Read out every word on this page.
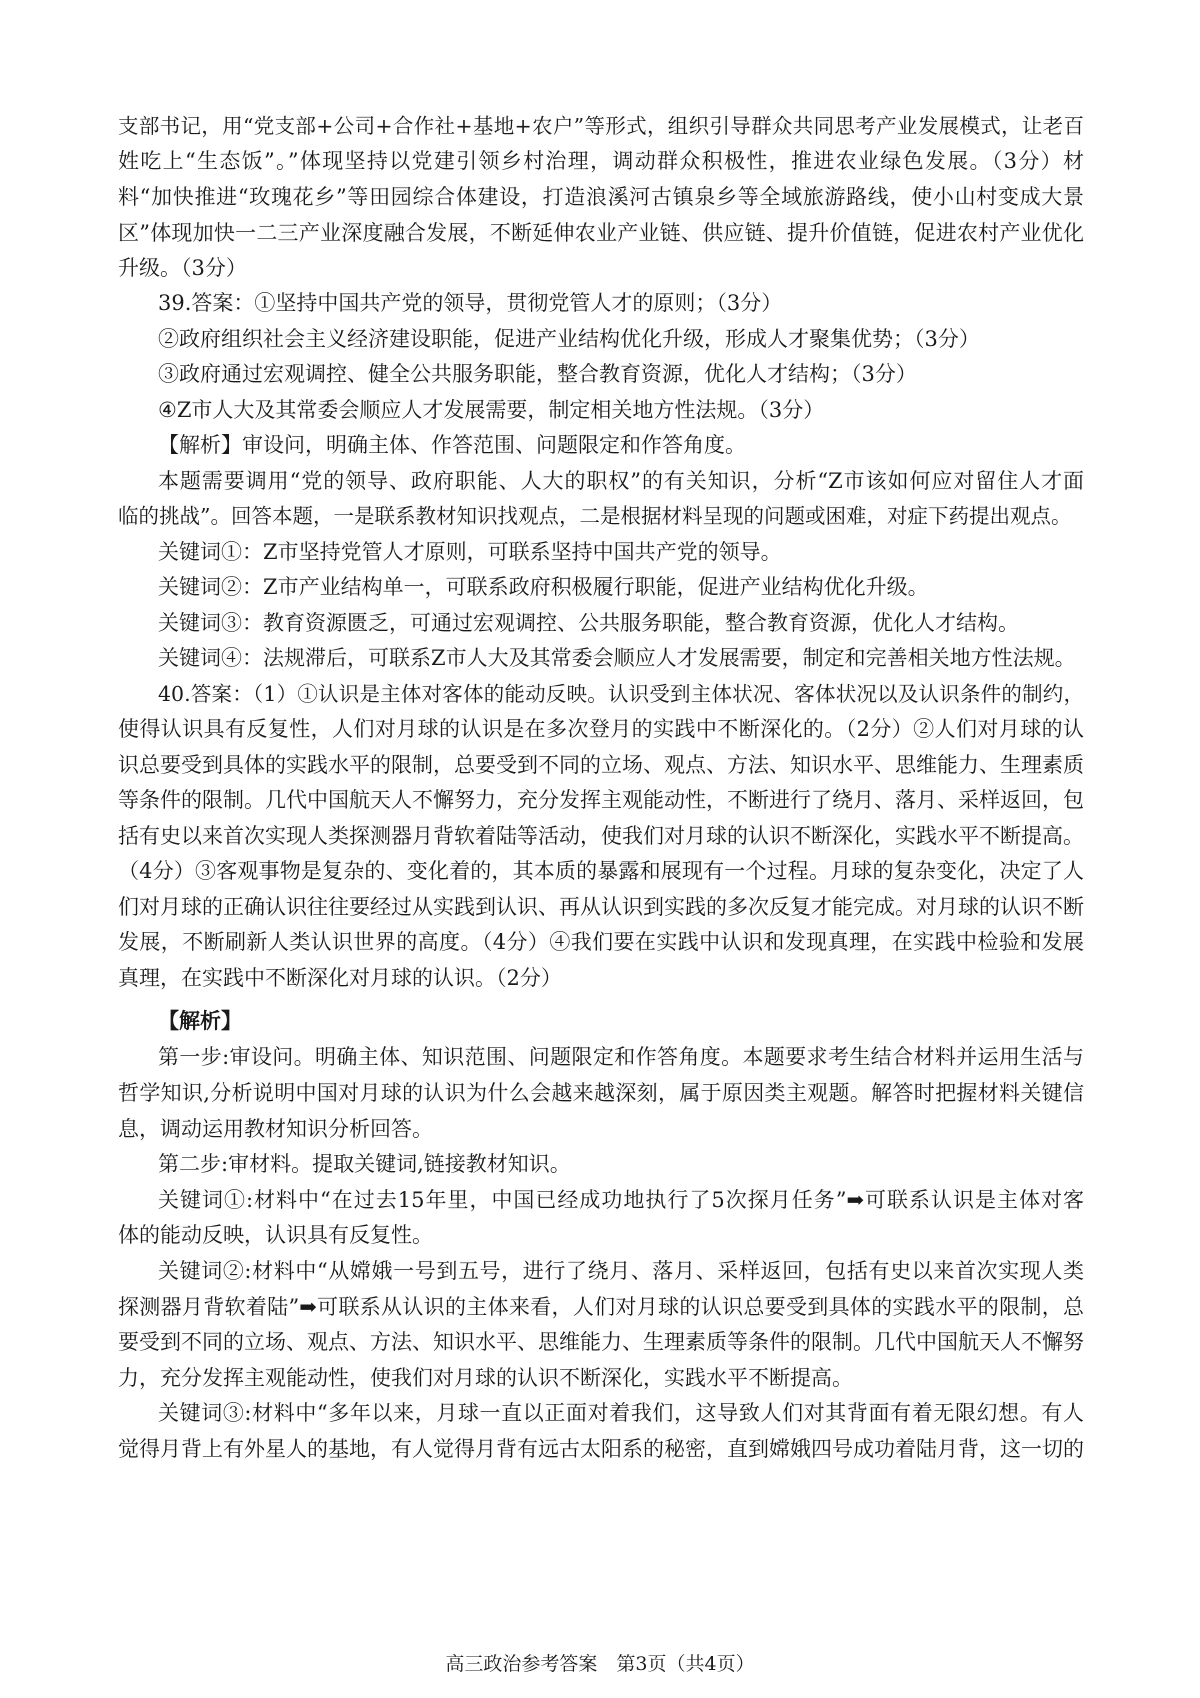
支部书记，用“党支部+公司+合作社+基地+农户”等形式，组织引导群众共同思考产业发展模式，让老百
姓吃上“生态饭”。”体现坚持以党建引领乡村治理，调动群众积极性，推进农业绿色发展。（3分）材
料“加快推进“玫瑰花乡”等田园综合体建设，打造浪溪河古镇泉乡等全域旅游路线，使小山村变成大景
区”体现加快一二三产业深度融合发展，不断延伸农业产业链、供应链、提升价值链，促进农村产业优化
升级。（3分）
39.答案：①坚持中国共产党的领导，贯彻党管人才的原则；（3分）
②政府组织社会主义经济建设职能，促进产业结构优化升级，形成人才聚集优势；（3分）
③政府通过宏观调控、健全公共服务职能，整合教育资源，优化人才结构；（3分）
④Z市人大及其常委会顺应人才发展需要，制定相关地方性法规。（3分）
【解析】审设问，明确主体、作答范围、问题限定和作答角度。
本题需要调用“党的领导、政府职能、人大的职权”的有关知识，分析“Z市该如何应对留住人才面
临的挑战”。回答本题，一是联系教材知识找观点，二是根据材料呈现的问题或困难，对症下药提出观点。
关键词①：Z市坚持党管人才原则，可联系坚持中国共产党的领导。
关键词②：Z市产业结构单一，可联系政府积极履行职能，促进产业结构优化升级。
关键词③：教育资源匮乏，可通过宏观调控、公共服务职能，整合教育资源，优化人才结构。
关键词④：法规滞后，可联系Z市人大及其常委会顺应人才发展需要，制定和完善相关地方性法规。
40.答案：（1）①认识是主体对客体的能动反映。认识受到主体状况、客体状况以及认识条件的制约，
使得认识具有反复性，人们对月球的认识是在多次登月的实践中不断深化的。（2分）②人们对月球的认
识总要受到具体的实践水平的限制，总要受到不同的立场、观点、方法、知识水平、思维能力、生理素质
等条件的限制。几代中国航天人不懈努力，充分发挥主观能动性，不断进行了绕月、落月、采样返回，包
括有史以来首次实现人类探测器月背软着陆等活动，使我们对月球的认识不断深化，实践水平不断提高。
（4分）③客观事物是复杂的、变化着的，其本质的暴露和展现有一个过程。月球的复杂变化，决定了人
们对月球的正确认识往往要经过从实践到认识、再从认识到实践的多次反复才能完成。对月球的认识不断
发展，不断刷新人类认识世界的高度。（4分）④我们要在实践中认识和发现真理，在实践中检验和发展
真理，在实践中不断深化对月球的认识。（2分）
【解析】
第一步:审设问。明确主体、知识范围、问题限定和作答角度。本题要求考生结合材料并运用生活与
哲学知识,分析说明中国对月球的认识为什么会越来越深刻，属于原因类主观题。解答时把握材料关键信
息，调动运用教材知识分析回答。
第二步:审材料。提取关键词,链接教材知识。
关键词①:材料中“在过去15年里，中国已经成功地执行了5次探月任务”➡可联系认识是主体对客
体的能动反映，认识具有反复性。
关键词②:材料中“从嫦娥一号到五号，进行了绕月、落月、采样返回，包括有史以来首次实现人类
探测器月背软着陆”➡可联系从认识的主体来看，人们对月球的认识总要受到具体的实践水平的限制，总
要受到不同的立场、观点、方法、知识水平、思维能力、生理素质等条件的限制。几代中国航天人不懈努
力，充分发挥主观能动性，使我们对月球的认识不断深化，实践水平不断提高。
关键词③:材料中“多年以来，月球一直以正面对着我们，这导致人们对其背面有着无限幻想。有人
觉得月背上有外星人的基地，有人觉得月背有远古太阳系的秘密，直到嫦娥四号成功着陆月背，这一切的
高三政治参考答案　第3页（共4页）
